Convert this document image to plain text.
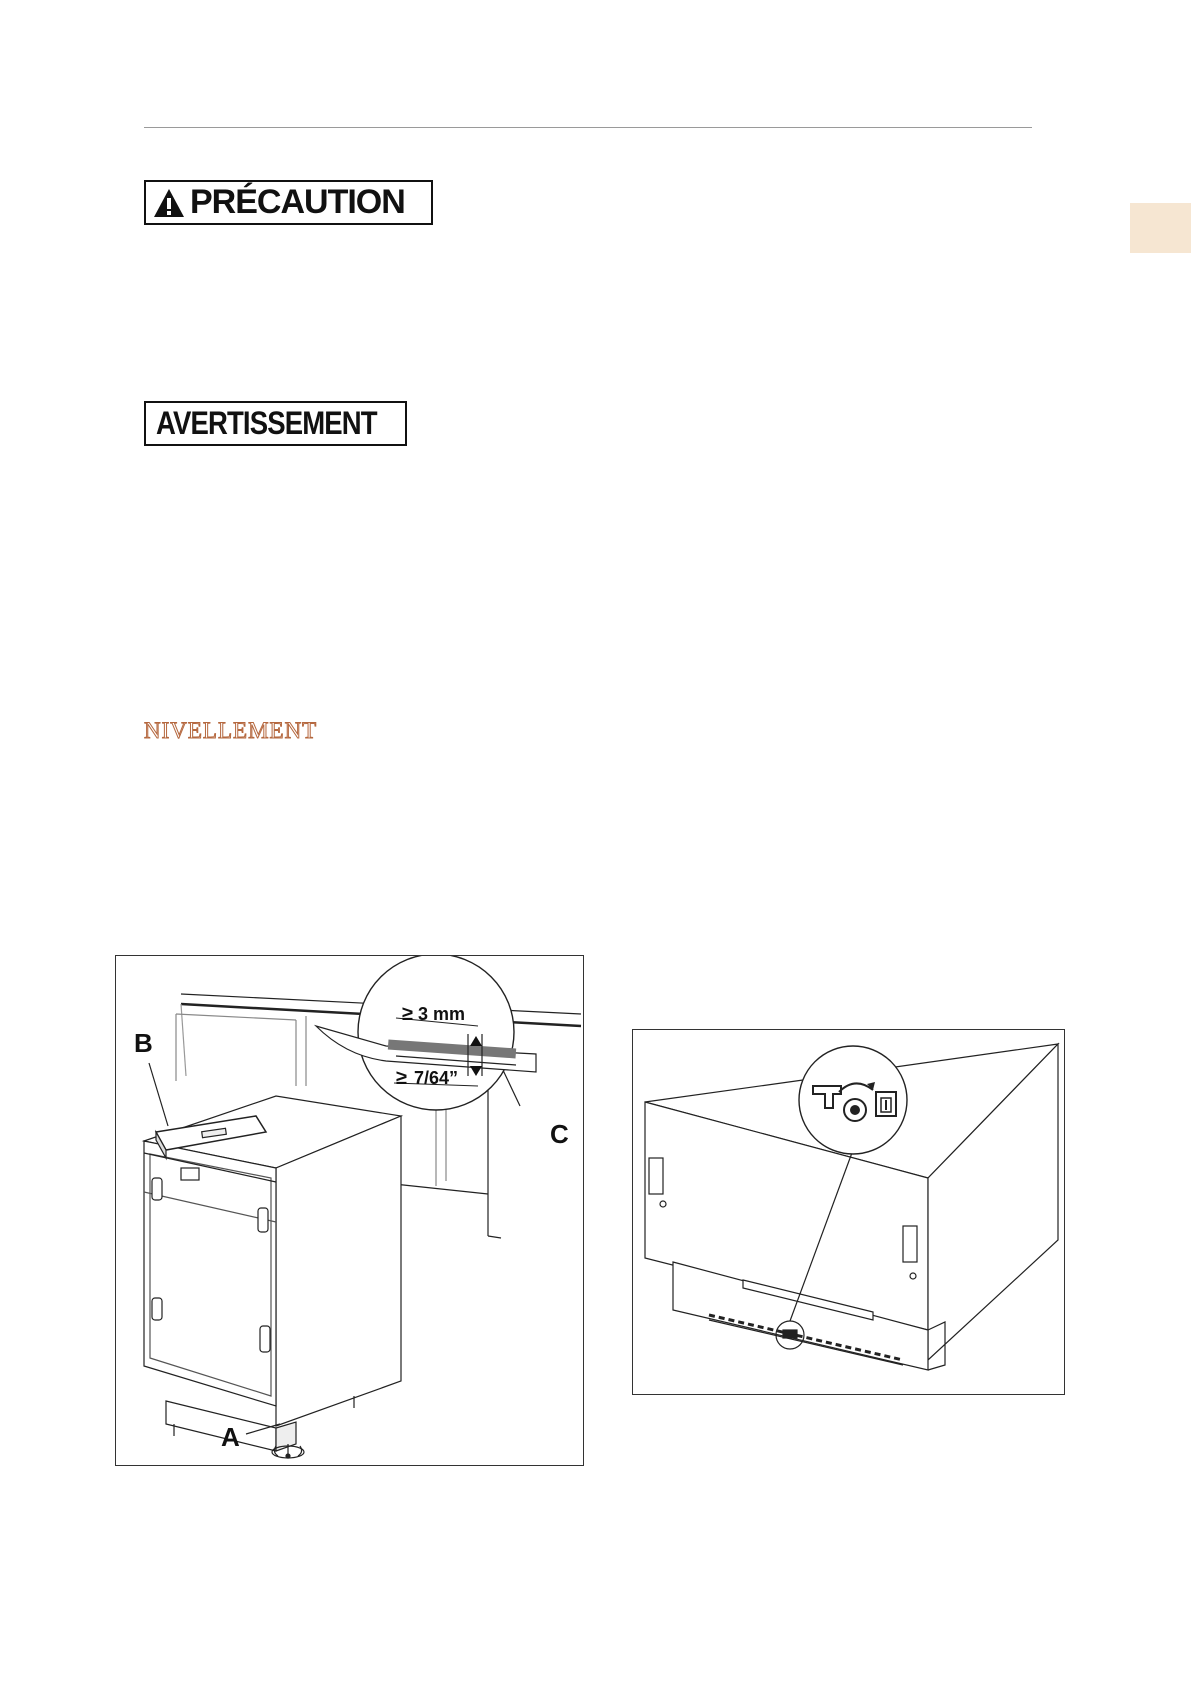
PRÉCAUTION
AVERTISSEMENT
NIVELLEMENT
≥ 3 mm
≥ 7/64”
B
A
C
